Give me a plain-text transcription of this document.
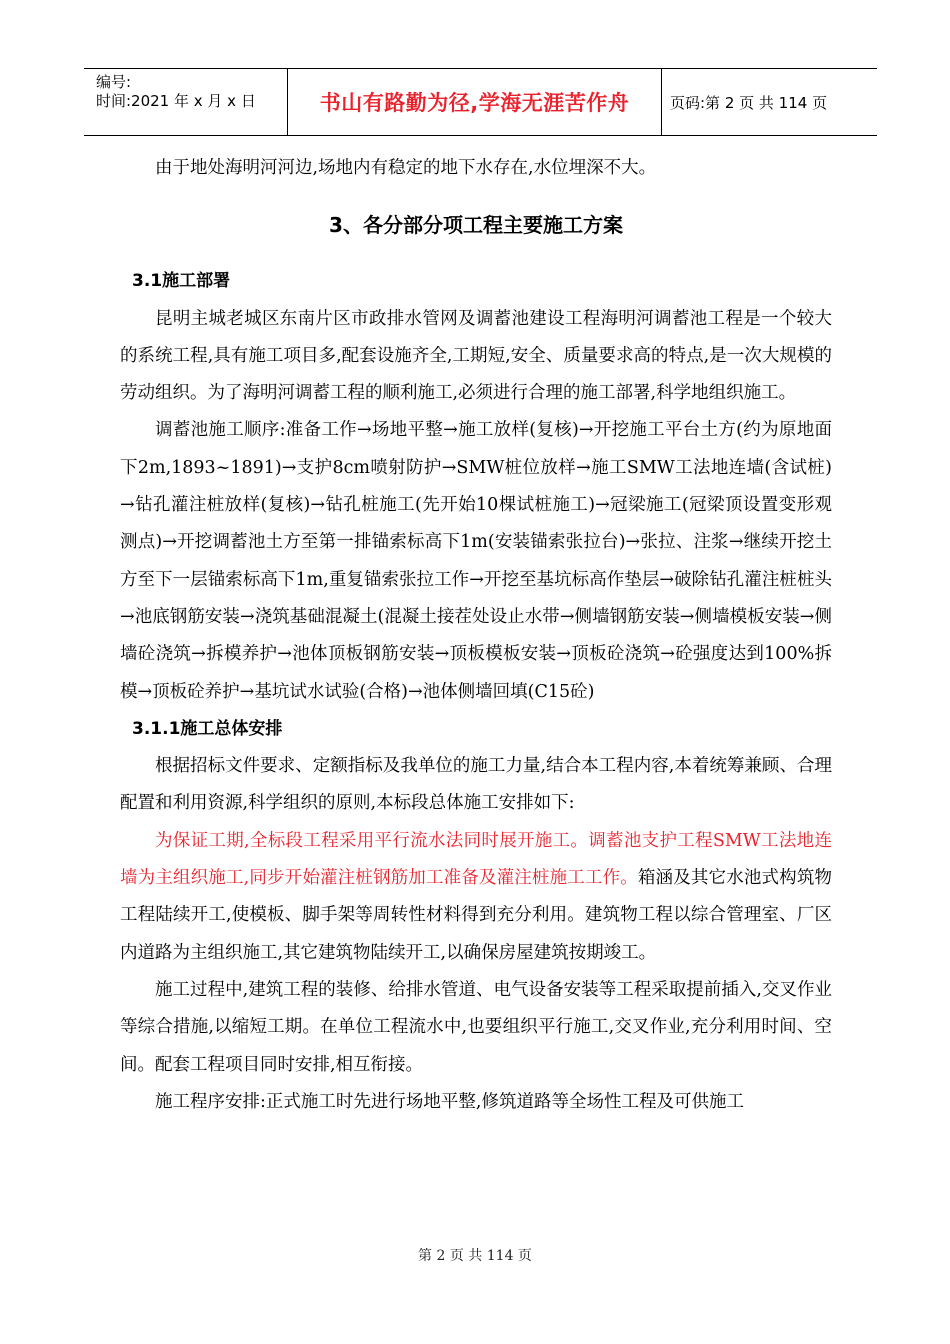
编号:
时间:2021 年 x 月 x 日	书山有路勤为径,学海无涯苦作舟	页码:第 2 页 共 114 页

由于地处海明河河边,场地内有稳定的地下水存在,水位埋深不大。

3、各分部分项工程主要施工方案
3.1施工部署

昆明主城老城区东南片区市政排水管网及调蓄池建设工程海明河调蓄池工程是一个较大的系统工程,具有施工项目多,配套设施齐全,工期短,安全、质量要求高的特点,是一次大规模的劳动组织。为了海明河调蓄工程的顺利施工,必须进行合理的施工部署,科学地组织施工。

调蓄池施工顺序:准备工作→场地平整→施工放样(复核)→开挖施工平台土方(约为原地面下2m,1893~1891)→支护8cm喷射防护→SMW桩位放样→施工SMW工法地连墙(含试桩)→钻孔灌注桩放样(复核)→钻孔桩施工(先开始10棵试桩施工)→冠梁施工(冠梁顶设置变形观测点)→开挖调蓄池土方至第一排锚索标高下1m(安装锚索张拉台)→张拉、注浆→继续开挖土方至下一层锚索标高下1m,重复锚索张拉工作→开挖至基坑标高作垫层→破除钻孔灌注桩桩头→池底钢筋安装→浇筑基础混凝土(混凝土接茬处设止水带→侧墙钢筋安装→侧墙模板安装→侧墙砼浇筑→拆模养护→池体顶板钢筋安装→顶板模板安装→顶板砼浇筑→砼强度达到100%拆模→顶板砼养护→基坑试水试验(合格)→池体侧墙回填(C15砼)

3.1.1施工总体安排

根据招标文件要求、定额指标及我单位的施工力量,结合本工程内容,本着统筹兼顾、合理配置和利用资源,科学组织的原则,本标段总体施工安排如下:

为保证工期,全标段工程采用平行流水法同时展开施工。调蓄池支护工程SMW工法地连墙为主组织施工,同步开始灌注桩钢筋加工准备及灌注桩施工工作。箱涵及其它水池式构筑物工程陆续开工,使模板、脚手架等周转性材料得到充分利用。建筑物工程以综合管理室、厂区内道路为主组织施工,其它建筑物陆续开工,以确保房屋建筑按期竣工。

施工过程中,建筑工程的装修、给排水管道、电气设备安装等工程采取提前插入,交叉作业等综合措施,以缩短工期。在单位工程流水中,也要组织平行施工,交叉作业,充分利用时间、空间。配套工程项目同时安排,相互衔接。

施工程序安排:正式施工时先进行场地平整,修筑道路等全场性工程及可供施工

第 2 页 共 114 页
